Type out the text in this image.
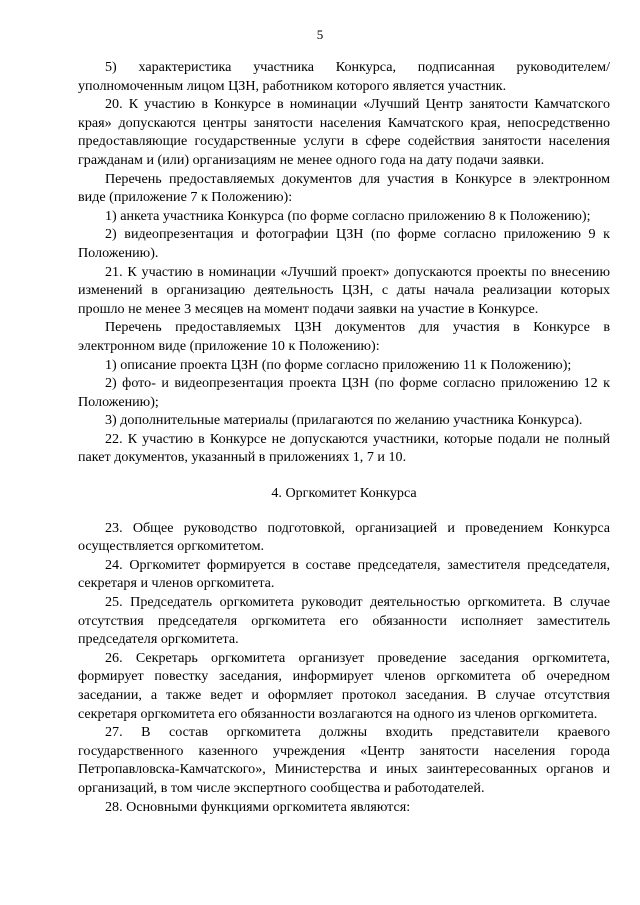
5

5) характеристика участника Конкурса, подписанная руководителем/ уполномоченным лицом ЦЗН, работником которого является участник.

20. К участию в Конкурсе в номинации «Лучший Центр занятости Камчатского края» допускаются центры занятости населения Камчатского края, непосредственно предоставляющие государственные услуги в сфере содействия занятости населения гражданам и (или) организациям не менее одного года на дату подачи заявки.

Перечень предоставляемых документов для участия в Конкурсе в электронном виде (приложение 7 к Положению):

1) анкета участника Конкурса (по форме согласно приложению 8 к Положению);

2) видеопрезентация и фотографии ЦЗН (по форме согласно приложению 9 к Положению).

21. К участию в номинации «Лучший проект» допускаются проекты по внесению изменений в организацию деятельность ЦЗН, с даты начала реализации которых прошло не менее 3 месяцев на момент подачи заявки на участие в Конкурсе.

Перечень предоставляемых ЦЗН документов для участия в Конкурсе в электронном виде (приложение 10 к Положению):

1) описание проекта ЦЗН (по форме согласно приложению 11 к Положению);

2) фото- и видеопрезентация проекта ЦЗН (по форме согласно приложению 12 к Положению);

3) дополнительные материалы (прилагаются по желанию участника Конкурса).

22. К участию в Конкурсе не допускаются участники, которые подали не полный пакет документов, указанный в приложениях 1, 7 и 10.

4. Оргкомитет Конкурса

23. Общее руководство подготовкой, организацией и проведением Конкурса осуществляется оргкомитетом.

24. Оргкомитет формируется в составе председателя, заместителя председателя, секретаря и членов оргкомитета.

25. Председатель оргкомитета руководит деятельностью оргкомитета. В случае отсутствия председателя оргкомитета его обязанности исполняет заместитель председателя оргкомитета.

26. Секретарь оргкомитета организует проведение заседания оргкомитета, формирует повестку заседания, информирует членов оргкомитета об очередном заседании, а также ведет и оформляет протокол заседания. В случае отсутствия секретаря оргкомитета его обязанности возлагаются на одного из членов оргкомитета.

27. В состав оргкомитета должны входить представители краевого государственного казенного учреждения «Центр занятости населения города Петропавловска-Камчатского», Министерства и иных заинтересованных органов и организаций, в том числе экспертного сообщества и работодателей.

28. Основными функциями оргкомитета являются:
